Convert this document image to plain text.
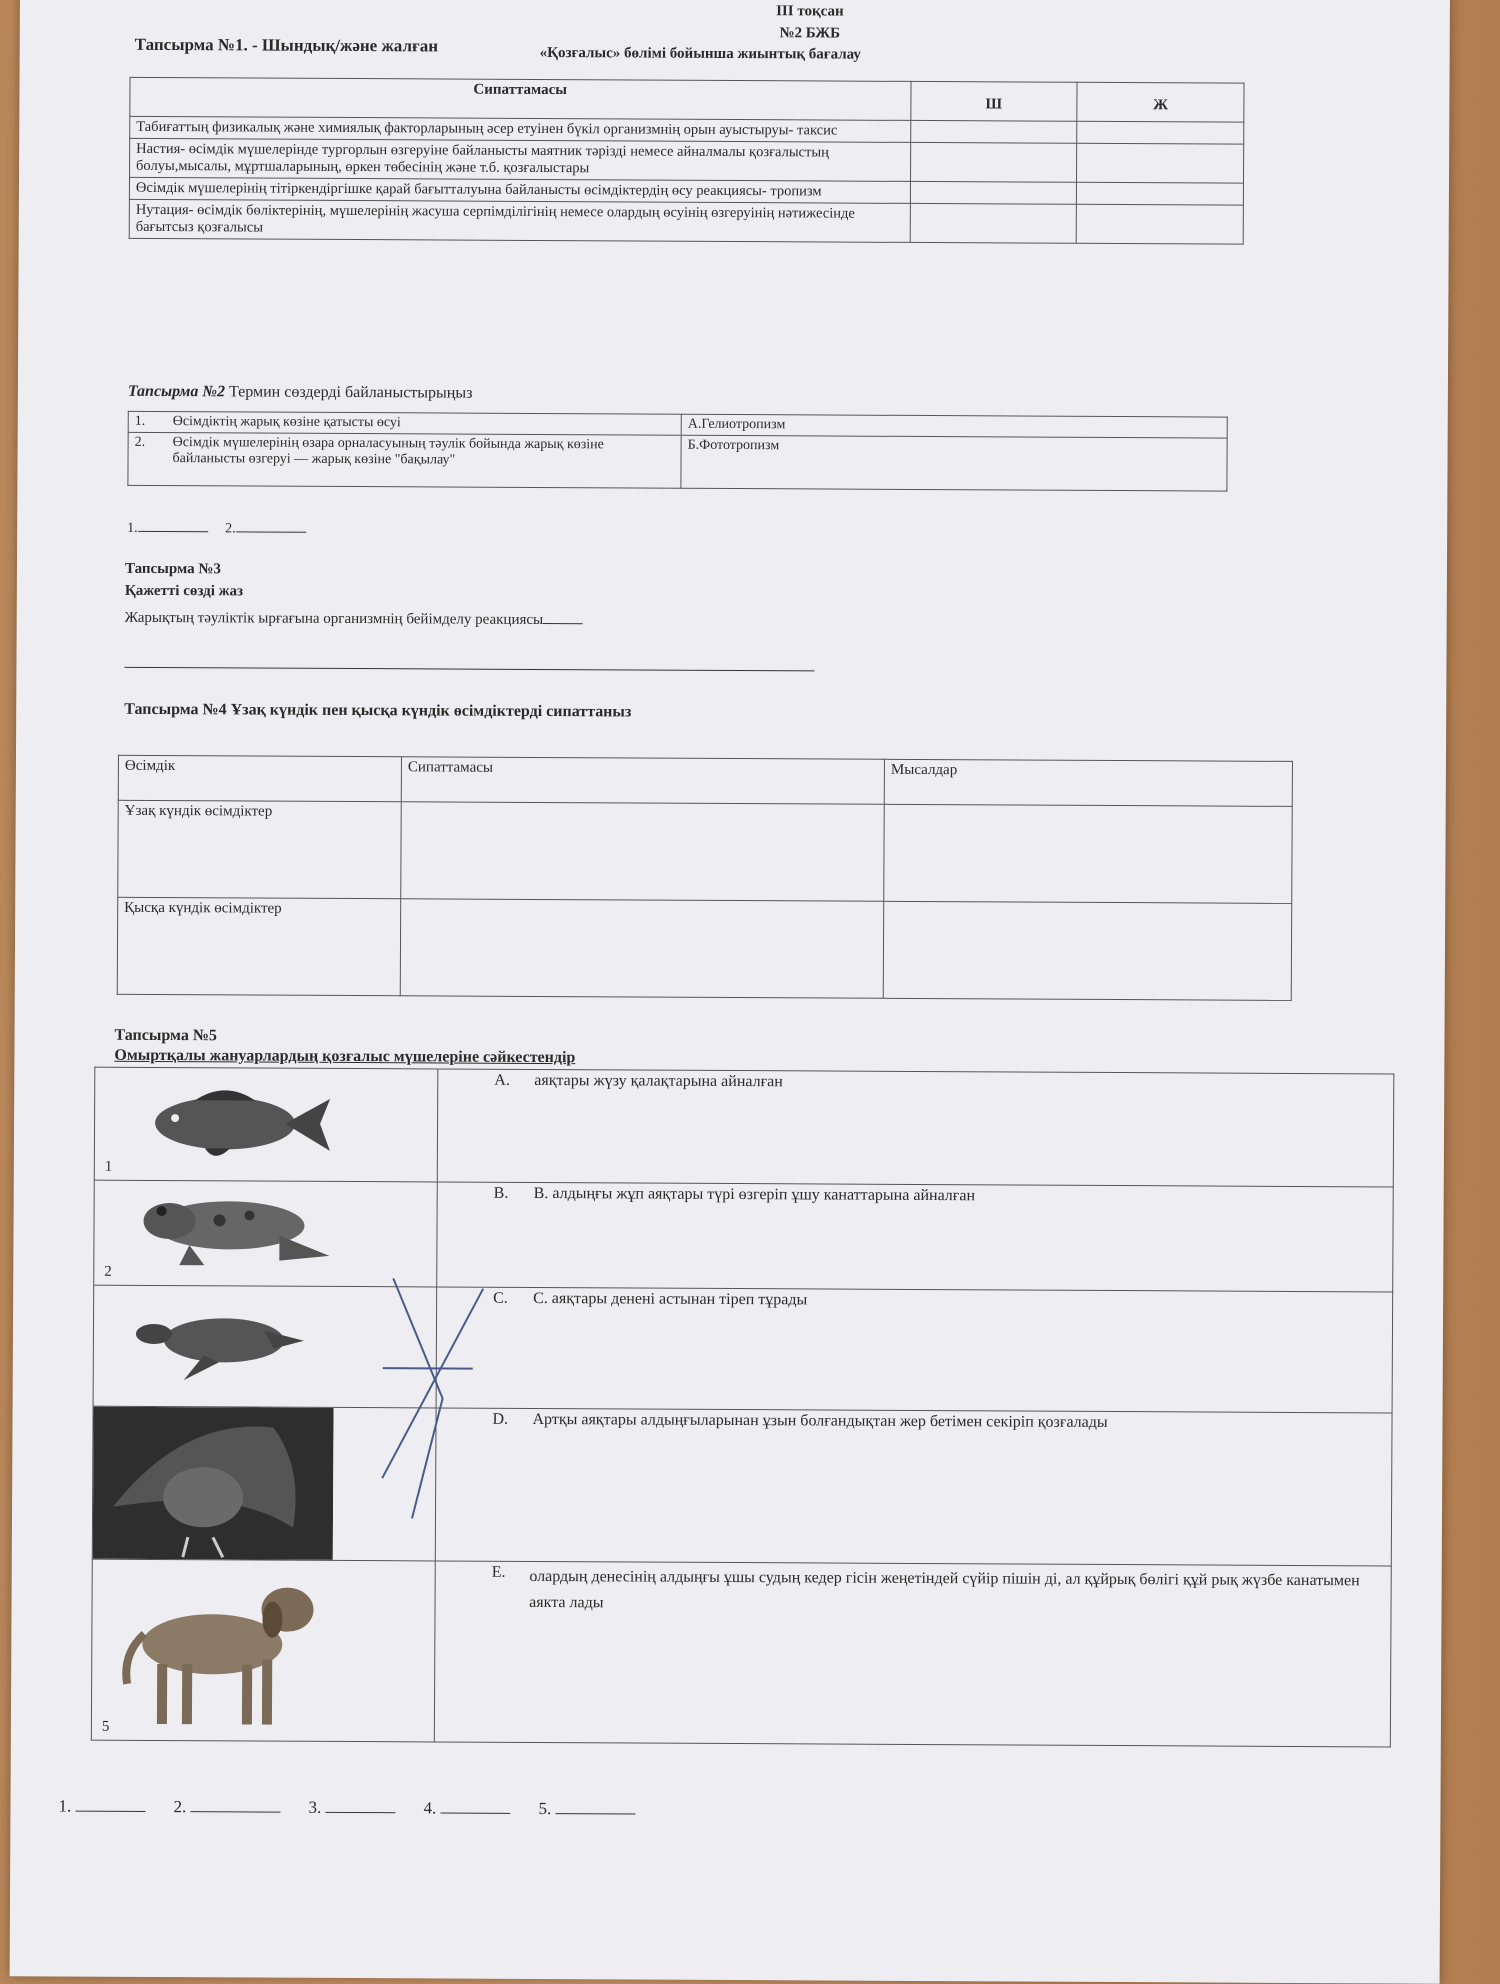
III тоқсан
№2 БЖБ
«Қозғалыс» бөлімі бойынша жиынтық бағалау
Тапсырма №1. - Шындық/жәнe жалған
Сипаттамасы	Ш	Ж
Табиғаттың физикалық және химиялық факторларының әсер етуінен бүкіл организмнің орын ауыстыруы- таксис		
Настия- өсімдік мүшелерінде тургорлын өзгеруіне байланысты маятник тәрізді немесе айналмалы қозғалыстың болуы,мысалы, мұртшаларының, өркен төбесінің және т.б. қозғалыстары		
Өсімдік мүшелерінің тітіркендіргішке қарай бағытталуына байланысты өсімдіктердің өсу реакциясы- тропизм		
Нутация- өсімдік бөліктерінің, мүшелерінің жасуша серпімділігінің немесе олардың өсуінің өзгеруінің нәтижесінде бағытсыз қозғалысы		
Тапсырма №2 Термин сөздерді байланыстырыңыз
1. Өсімдіктің жарық көзіне қатысты өсуі	А.Гелиотропизм

2. Өсімдік мүшелерінің өзара орналасуының тәулік бойында жарық көзіне байланысты өзгеруі — жарық көзіне "бақылау"	Б.Фототропизм
1.	2.
Тапсырма №3
Қажетті сөзді жаз
Жарықтың тәуліктік ырғағына организмнің бейімделу реакциясы
Тапсырма №4 Ұзақ күндік пен қысқа күндік өсімдіктерді сипаттаныз
Өсімдік	Сипаттамасы	Мысалдар
Ұзақ күндік өсімдіктер		
Қысқа күндік өсімдіктер		
Тапсырма №5
Омыртқалы жануарлардың қозғалыс мүшелеріне сәйкестендір
1	A. аяқтары жүзу қалақтарына айналған

2	B. B. алдыңғы жұп аяқтары түрі өзгеріп ұшу канаттарына айналған

	C. C. аяқтары денені астынан тіреп тұрады

	D. Артқы аяқтары алдыңғыларынан ұзын болғандықтан жер бетімен секіріп қозғалады

5	E. олардың денесінің алдыңғы ұшы судың кедер гісін жеңетіндей сүйір пішін ді, ал құйрық бөлігі құй рық жүзбе канатымен аякта лады
1.	2.	3.	4.	5.
